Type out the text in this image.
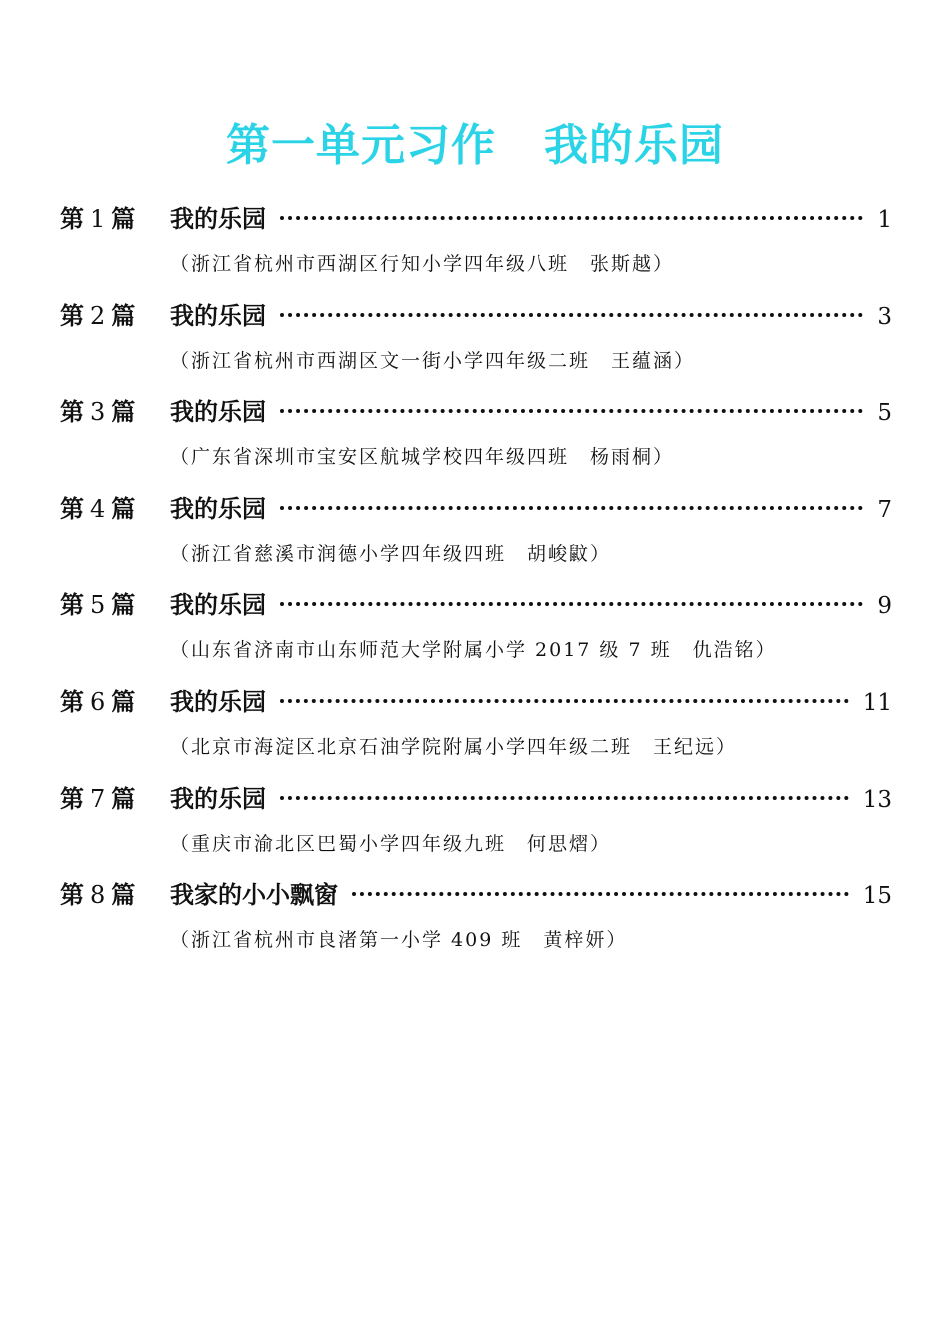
第一单元习作 我的乐园
第 1 篇	我的乐园	1
（浙江省杭州市西湖区行知小学四年级八班　张斯越）
第 2 篇	我的乐园	3
（浙江省杭州市西湖区文一街小学四年级二班　王蕴涵）
第 3 篇	我的乐园	5
（广东省深圳市宝安区航城学校四年级四班　杨雨桐）
第 4 篇	我的乐园	7
（浙江省慈溪市润德小学四年级四班　胡峻鼤）
第 5 篇	我的乐园	9
（山东省济南市山东师范大学附属小学 2017 级 7 班　仇浩铭）
第 6 篇	我的乐园	11
（北京市海淀区北京石油学院附属小学四年级二班　王纪远）
第 7 篇	我的乐园	13
（重庆市渝北区巴蜀小学四年级九班　何思熠）
第 8 篇	我家的小小飘窗	15
（浙江省杭州市良渚第一小学 409 班　黄梓妍）
